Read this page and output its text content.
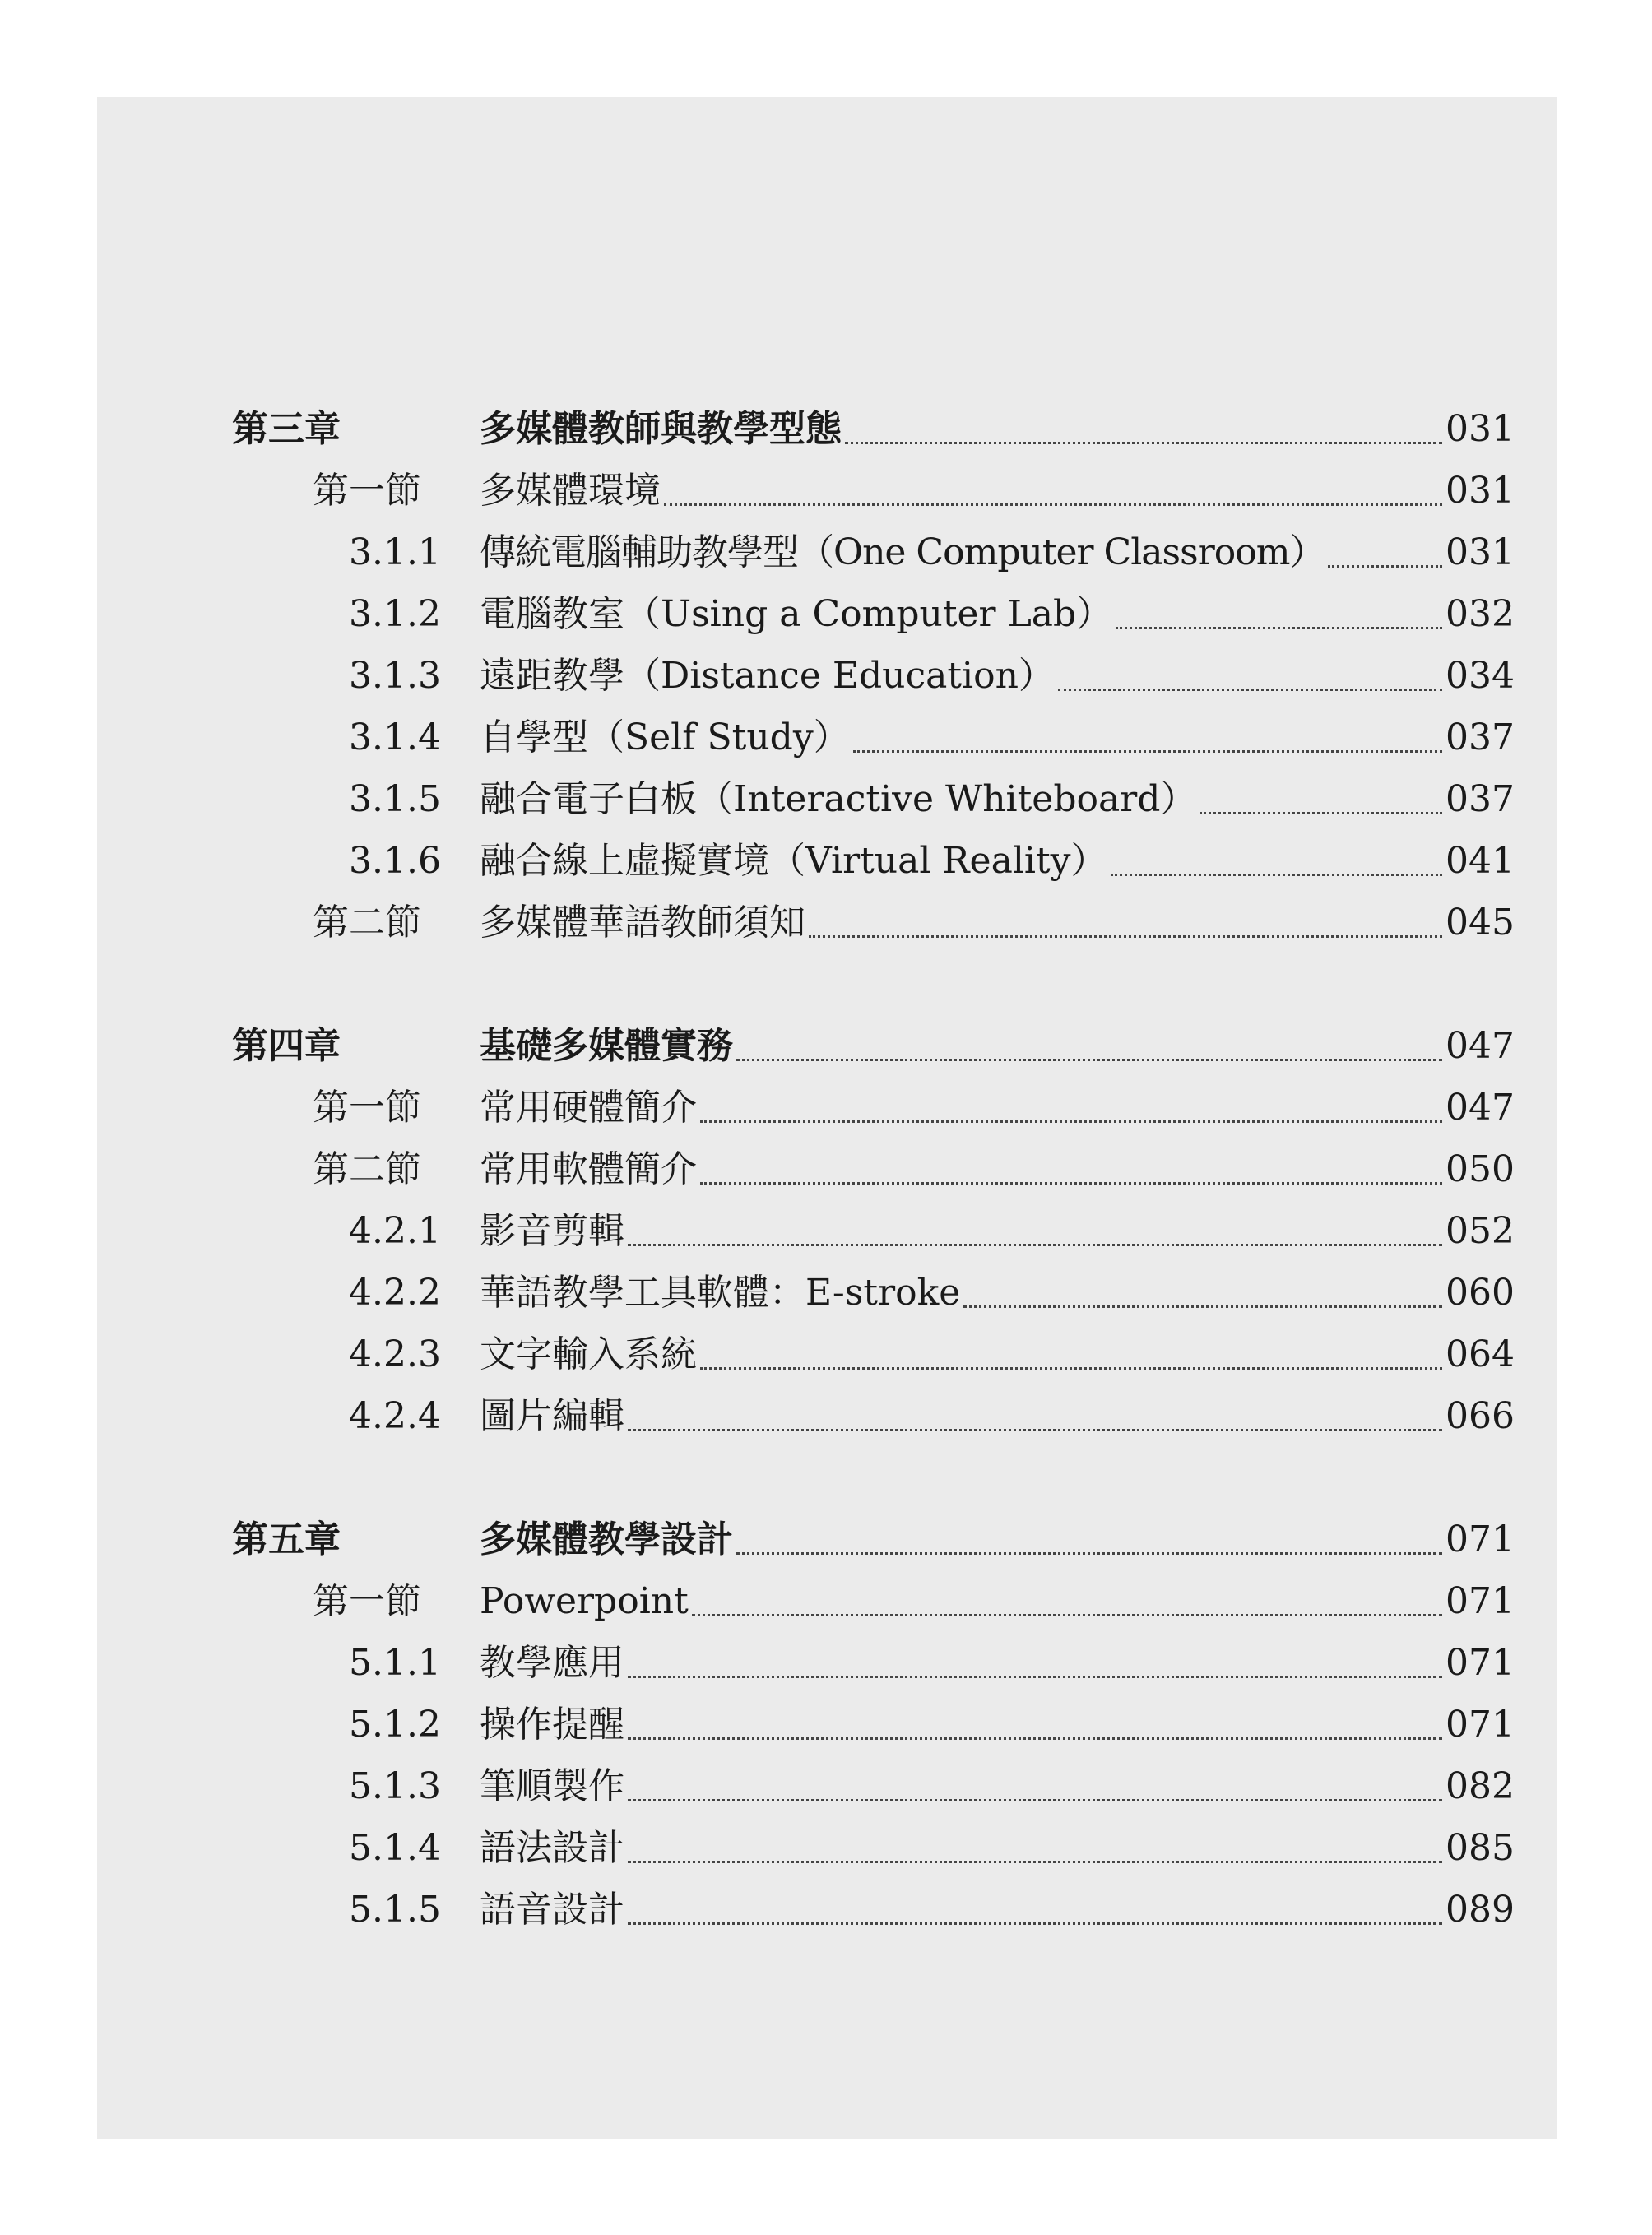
第三章	多媒體教師與教學型態	031
第一節 多媒體環境	031
3.1.1 傳統電腦輔助教學型（One Computer Classroom）	031
3.1.2 電腦教室（Using a Computer Lab）	032
3.1.3 遠距教學（Distance Education）	034
3.1.4 自學型（Self Study）	037
3.1.5 融合電子白板（Interactive Whiteboard）	037
3.1.6 融合線上虛擬實境（Virtual Reality）	041
第二節 多媒體華語教師須知	045
第四章	基礎多媒體實務	047
第一節 常用硬體簡介	047
第二節 常用軟體簡介	050
4.2.1 影音剪輯	052
4.2.2 華語教學工具軟體：E-stroke	060
4.2.3 文字輸入系統	064
4.2.4 圖片編輯	066
第五章	多媒體教學設計	071
第一節 Powerpoint	071
5.1.1 教學應用	071
5.1.2 操作提醒	071
5.1.3 筆順製作	082
5.1.4 語法設計	085
5.1.5 語音設計	089
